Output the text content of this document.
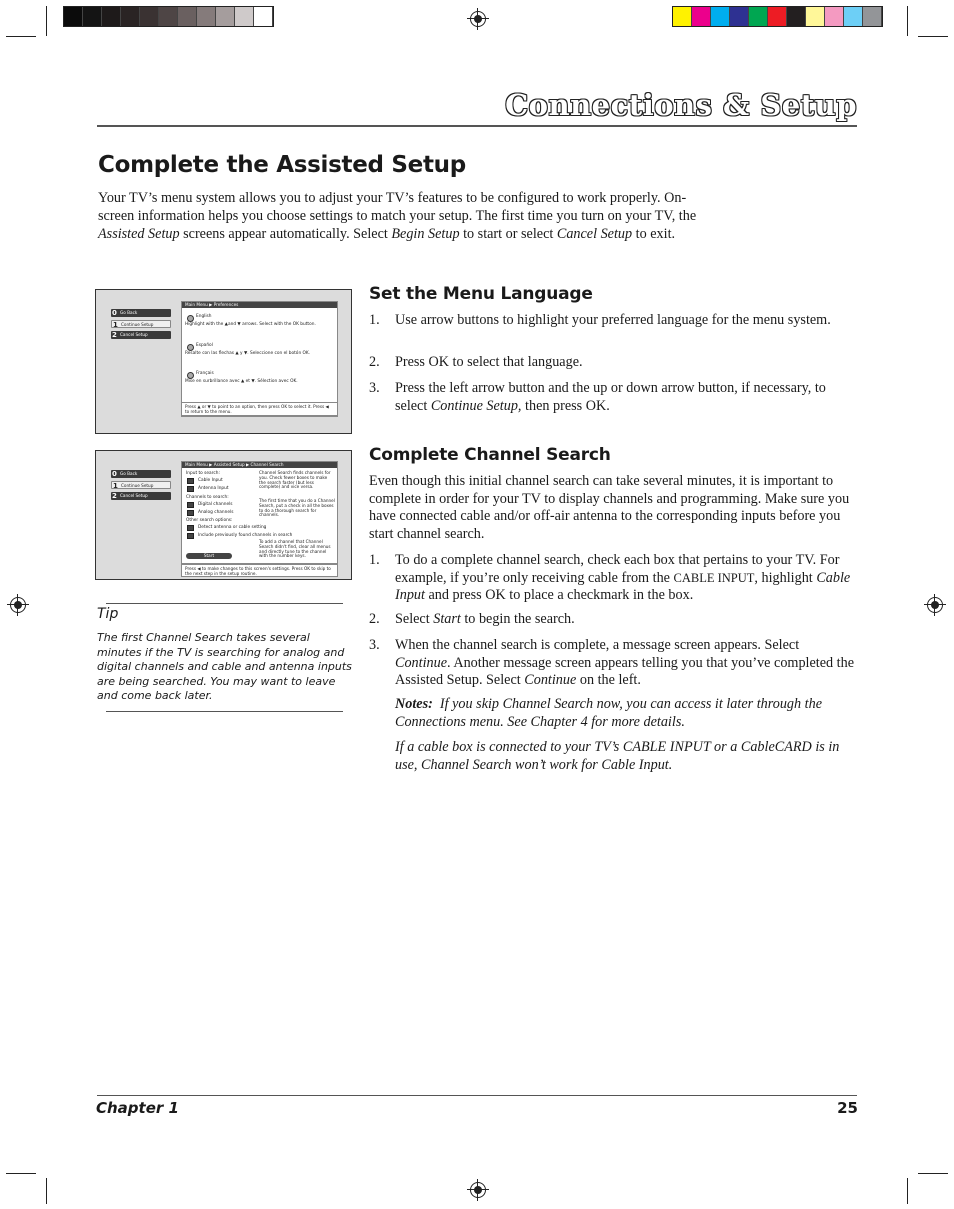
Connections & Setup
Complete the Assisted Setup
Your TV’s menu system allows you to adjust your TV’s features to be configured to work properly. On-screen information helps you choose settings to match your setup. The first time you turn on your TV, the Assisted Setup screens appear automatically. Select Begin Setup to start or select Cancel Setup to exit.
0 Go Back
1 Continue Setup
2 Cancel Setup
Main Menu ▶ Preferences
English
Highlight with the ▲and ▼ arrows. Select with the OK button.
Español
Resalte con las flechas ▲ y ▼. Seleccione con el botón OK.
Français
Mise en surbrillance avec ▲ et ▼. Sélection avec OK.
Press ▲ or ▼ to point to an option, then press OK to select it. Press ◀ to return to the menu.
0 Go Back
1 Continue Setup
2 Cancel Setup
Main Menu ▶ Assisted Setup ▶ Channel Search
Input to search:
Cable Input
Antenna Input
Channels to search:
Digital channels
Analog channels
Other search options:
Detect antenna or cable setting
Include previously found channels in search
Channel Search finds channels for you. Check fewer boxes to make the search faster (but less complete) and vice versa.
The first time that you do a Channel Search, put a check in all the boxes to do a thorough search for channels.
To add a channel that Channel Search didn't find, clear all menus and directly tune to the channel with the number keys.
Start
Press ◀ to make changes to this screen's settings. Press OK to skip to the next step in the setup routine.
Set the Menu Language
1. Use arrow buttons to highlight your preferred language for the menu system.
2. Press OK to select that language.
3. Press the left arrow button and the up or down arrow button, if necessary, to select Continue Setup, then press OK.
Complete Channel Search
Even though this initial channel search can take several minutes, it is important to complete in order for your TV to display channels and programming. Make sure you have connected cable and/or off-air antenna to the corresponding inputs before you start channel search.
1. To do a complete channel search, check each box that pertains to your TV. For example, if you’re only receiving cable from the CABLE INPUT, highlight Cable Input and press OK to place a checkmark in the box.
2. Select Start to begin the search.
3. When the channel search is complete, a message screen appears. Select Continue. Another message screen appears telling you that you’ve completed the Assisted Setup. Select Continue on the left.
Notes: If you skip Channel Search now, you can access it later through the Connections menu. See Chapter 4 for more details.
If a cable box is connected to your TV’s CABLE INPUT or a CableCARD is in use, Channel Search won’t work for Cable Input.
Tip
The first Channel Search takes several minutes if the TV is searching for analog and digital channels and cable and antenna inputs are being searched. You may want to leave and come back later.
Chapter 1	25
